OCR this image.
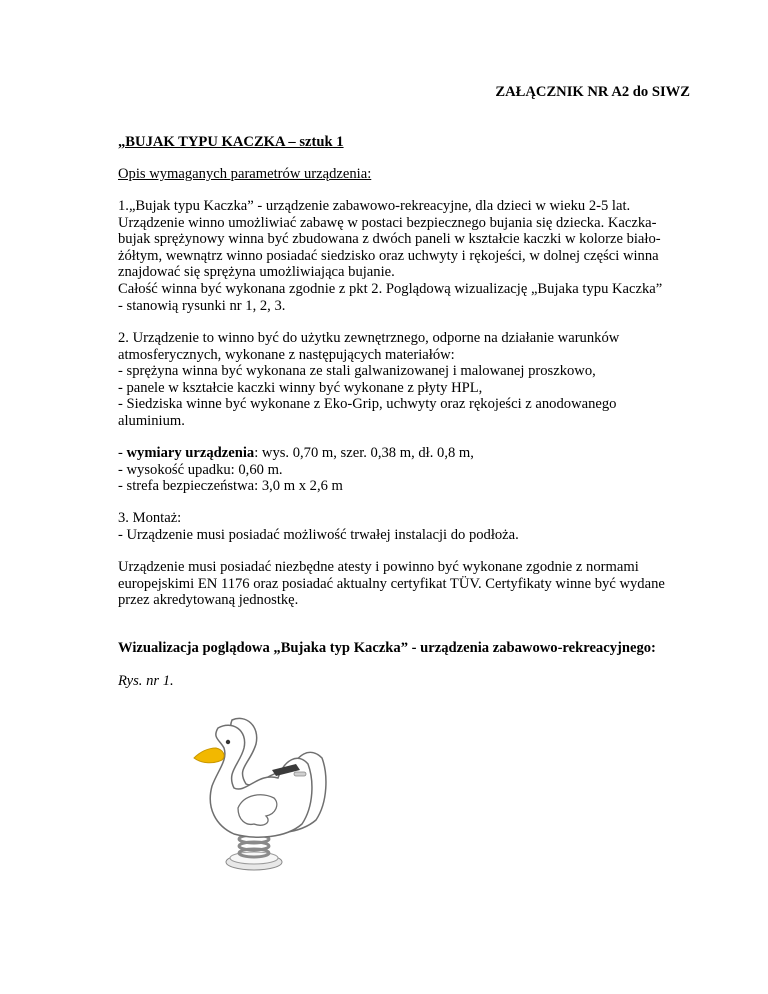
ZAŁĄCZNIK NR A2 do SIWZ

„BUJAK TYPU KACZKA – sztuk 1

Opis wymaganych parametrów urządzenia:

1.„Bujak typu Kaczka” - urządzenie zabawowo-rekreacyjne, dla dzieci w wieku 2-5 lat.

Urządzenie winno umożliwiać zabawę w postaci bezpiecznego bujania się dziecka. Kaczka-

bujak sprężynowy winna być zbudowana z dwóch paneli w kształcie kaczki w kolorze biało-

żółtym, wewnątrz winno posiadać siedzisko oraz uchwyty i rękojeści, w dolnej części winna

znajdować się sprężyna umożliwiająca bujanie.

Całość winna być wykonana zgodnie z pkt 2. Poglądową wizualizację „Bujaka typu Kaczka”

- stanowią rysunki nr 1, 2, 3.

2. Urządzenie to winno być do użytku zewnętrznego, odporne na działanie warunków

atmosferycznych, wykonane z następujących materiałów:

- sprężyna winna być wykonana ze stali galwanizowanej i malowanej proszkowo,

- panele w kształcie kaczki winny być wykonane z płyty HPL,

- Siedziska winne być wykonane z Eko-Grip, uchwyty oraz rękojeści z anodowanego

aluminium.

- wymiary urządzenia: wys. 0,70 m, szer. 0,38 m, dł. 0,8 m,

- wysokość upadku: 0,60 m.

- strefa bezpieczeństwa: 3,0 m x 2,6 m

3. Montaż:

- Urządzenie musi posiadać możliwość trwałej instalacji do podłoża.

Urządzenie musi posiadać niezbędne atesty i powinno być wykonane zgodnie z normami

europejskimi EN 1176 oraz posiadać aktualny certyfikat TÜV. Certyfikaty winne być wydane

przez akredytowaną jednostkę.

Wizualizacja poglądowa „Bujaka typ Kaczka” - urządzenia zabawowo-rekreacyjnego:

Rys. nr 1.
